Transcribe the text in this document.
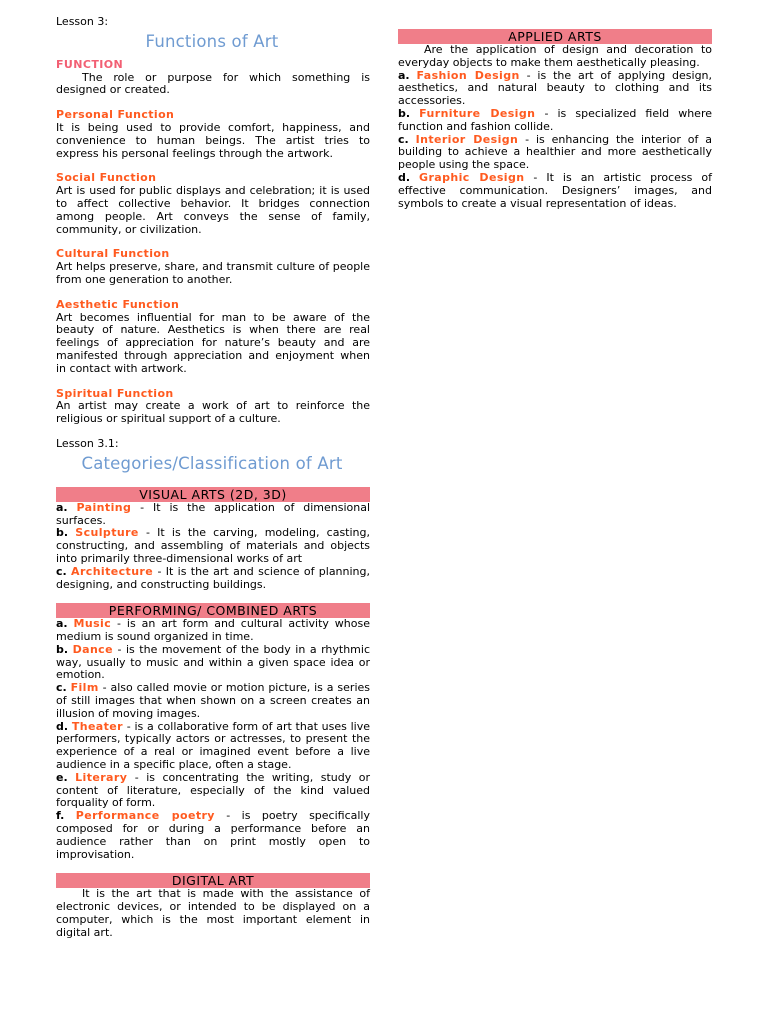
Lesson 3:

Functions of Art

FUNCTION

The role or purpose for which something is designed or created.

Personal Function

It is being used to provide comfort, happiness, and convenience to human beings. The artist tries to express his personal feelings through the artwork.

Social Function

Art is used for public displays and celebration; it is used to affect collective behavior. It bridges connection among people. Art conveys the sense of family, community, or civilization.

Cultural Function

Art helps preserve, share, and transmit culture of people from one generation to another.

Aesthetic Function

Art becomes influential for man to be aware of the beauty of nature. Aesthetics is when there are real feelings of appreciation for nature’s beauty and are manifested through appreciation and enjoyment when in contact with artwork.

Spiritual Function

An artist may create a work of art to reinforce the religious or spiritual support of a culture.

Lesson 3.1:

Categories/Classification of Art

VISUAL ARTS (2D, 3D)

a. Painting - It is the application of dimensional surfaces.

b. Sculpture - It is the carving, modeling, casting, constructing, and assembling of materials and objects into primarily three-dimensional works of art

c. Architecture - It is the art and science of planning, designing, and constructing buildings.

PERFORMING/ COMBINED ARTS

a. Music - is an art form and cultural activity whose medium is sound organized in time.

b. Dance - is the movement of the body in a rhythmic way, usually to music and within a given space idea or emotion.

c. Film - also called movie or motion picture, is a series of still images that when shown on a screen creates an illusion of moving images.

d. Theater - is a collaborative form of art that uses live performers, typically actors or actresses, to present the experience of a real or imagined event before a live audience in a specific place, often a stage.

e. Literary - is concentrating the writing, study or content of literature, especially of the kind valued forquality of form.

f. Performance poetry - is poetry specifically composed for or during a performance before an audience rather than on print mostly open to improvisation.

DIGITAL ART

It is the art that is made with the assistance of electronic devices, or intended to be displayed on a computer, which is the most important element in digital art.

APPLIED ARTS

Are the application of design and decoration to everyday objects to make them aesthetically pleasing.

a. Fashion Design - is the art of applying design, aesthetics, and natural beauty to clothing and its accessories.

b. Furniture Design - is specialized field where function and fashion collide.

c. Interior Design - is enhancing the interior of a building to achieve a healthier and more aesthetically people using the space.

d. Graphic Design - It is an artistic process of effective communication. Designers’ images, and symbols to create a visual representation of ideas.
